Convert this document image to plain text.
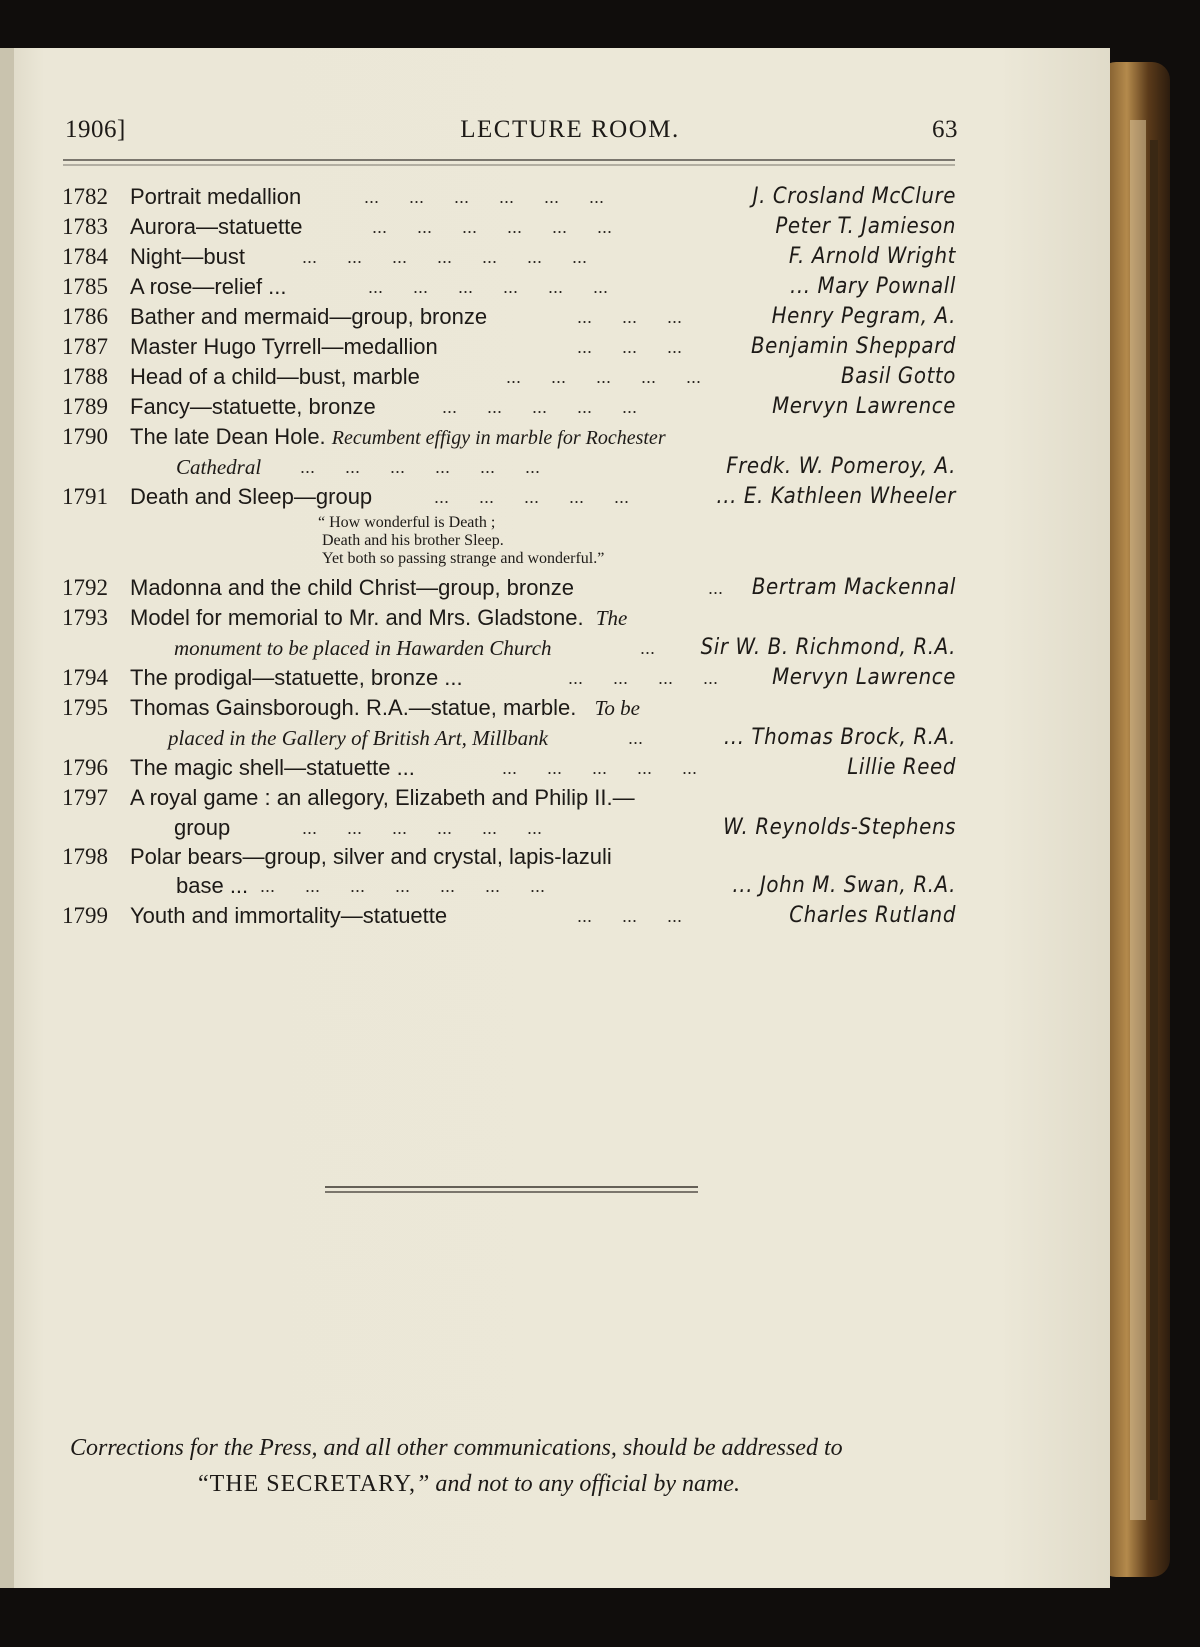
1906]	LECTURE ROOM.	63
1782 Portrait medallion	...      ...      ...      ...      ...      ...	J. Crosland McClure
1783 Aurora—statuette	...      ...      ...      ...      ...      ...	Peter T. Jamieson
1784 Night—bust	...      ...      ...      ...      ...      ...      ...	F. Arnold Wright
1785 A rose—relief ...	...      ...      ...      ...      ...      ...	... Mary Pownall
1786 Bather and mermaid—group, bronze	...      ...      ...	Henry Pegram, A.
1787 Master Hugo Tyrrell—medallion	...      ...      ...	Benjamin Sheppard
1788 Head of a child—bust, marble	...      ...      ...      ...      ...	Basil Gotto
1789 Fancy—statuette, bronze	...      ...      ...      ...      ...	Mervyn Lawrence
1790 The late Dean Hole. Recumbent effigy in marble for Rochester
Cathedral ...      ...      ...      ...      ...      ...	Fredk. W. Pomeroy, A.
1791 Death and Sleep—group	...      ...      ...      ...      ...	... E. Kathleen Wheeler
“ How wonderful is Death ;
Death and his brother Sleep.
Yet both so passing strange and wonderful.”
1792 Madonna and the child Christ—group, bronze	...	Bertram Mackennal
1793 Model for memorial to Mr. and Mrs. Gladstone. The
monument to be placed in Hawarden Church	...	Sir W. B. Richmond, R.A.
1794 The prodigal—statuette, bronze ...	...      ...      ...      ...	Mervyn Lawrence
1795 Thomas Gainsborough. R.A.—statue, marble. To be
placed in the Gallery of British Art, Millbank	...	... Thomas Brock, R.A.
1796 The magic shell—statuette ...	...      ...      ...      ...      ...	Lillie Reed
1797 A royal game : an allegory, Elizabeth and Philip II.—
group	...      ...      ...      ...      ...      ...	W. Reynolds-Stephens
1798 Polar bears—group, silver and crystal, lapis-lazuli
base ... ...      ...      ...      ...      ...      ...      ...	... John M. Swan, R.A.
1799 Youth and immortality—statuette	...      ...      ...	Charles Rutland
Corrections for the Press, and all other communications, should be addressed to
“THE SECRETARY,” and not to any official by name.
